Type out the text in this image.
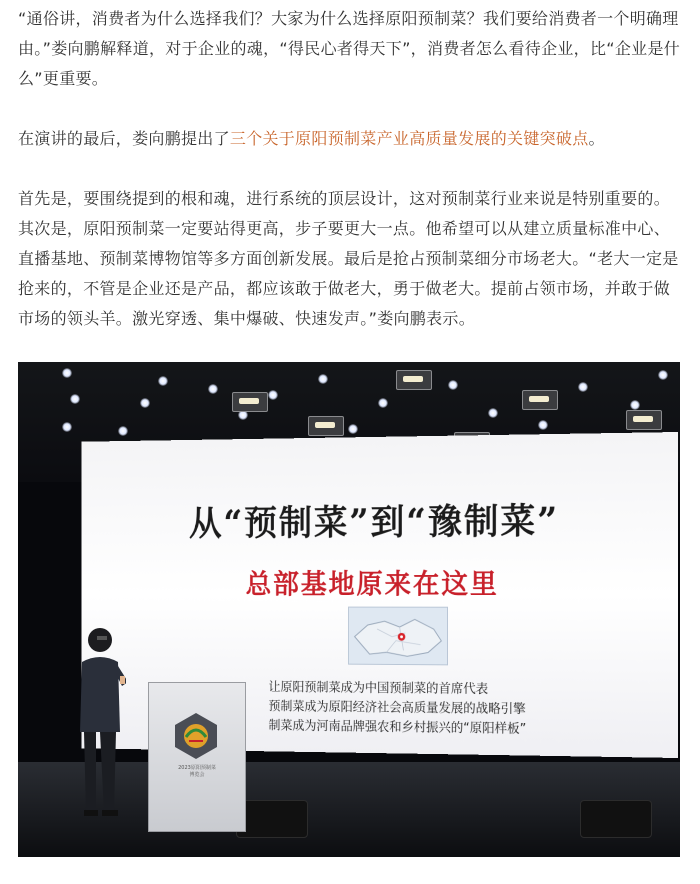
“通俗讲，消费者为什么选择我们？大家为什么选择原阳预制菜？我们要给消费者一个明确理由。”娄向鹏解释道，对于企业的魂，“得民心者得天下”，消费者怎么看待企业，比“企业是什么”更重要。

在演讲的最后，娄向鹏提出了三个关于原阳预制菜产业高质量发展的关键突破点。

首先是，要围绕提到的根和魂，进行系统的顶层设计，这对预制菜行业来说是特别重要的。其次是，原阳预制菜一定要站得更高，步子要更大一点。他希望可以从建立质量标准中心、直播基地、预制菜博物馆等多方面创新发展。最后是抢占预制菜细分市场老大。“老大一定是抢来的，不管是企业还是产品，都应该敢于做老大，勇于做老大。提前占领市场，并敢于做市场的领头羊。激光穿透、集中爆破、快速发声。”娄向鹏表示。

从“预制菜”到“豫制菜”
总部基地原来在这里
让原阳预制菜成为中国预制菜的首席代表
预制菜成为原阳经济社会高质量发展的战略引擎
制菜成为河南品牌强农和乡村振兴的“原阳样板”
2023原阳预制菜
博览会
